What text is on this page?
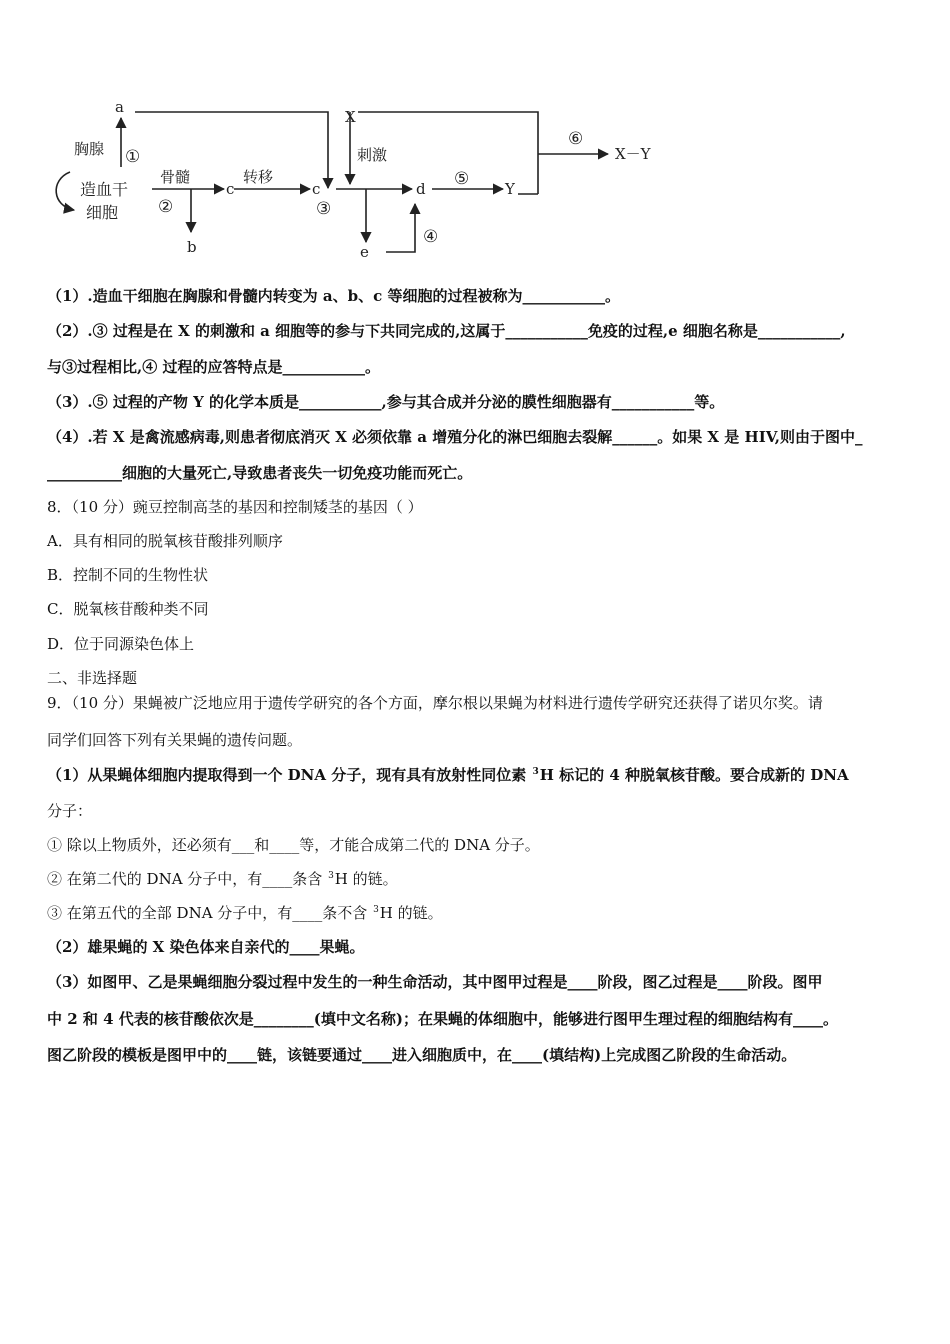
a
胸腺 ①
造血干
细胞
骨髓
②
b
c
转移
c
③
X
刺激
d
e
④
⑤ Y
⑥
X－Y
（1）.造血干细胞在胸腺和骨髓内转变为 a、b、c 等细胞的过程被称为___________。
（2）.③ 过程是在 X 的刺激和 a 细胞等的参与下共同完成的,这属于___________免疫的过程,e 细胞名称是___________,
与③过程相比,④ 过程的应答特点是___________。
（3）.⑤ 过程的产物 Y 的化学本质是___________,参与其合成并分泌的膜性细胞器有___________等。
（4）.若 X 是禽流感病毒,则患者彻底消灭 X 必须依靠 a 增殖分化的淋巴细胞去裂解______。如果 X 是 HIV,则由于图中_
__________细胞的大量死亡,导致患者丧失一切免疫功能而死亡。
8．（10 分）豌豆控制高茎的基因和控制矮茎的基因（ ）
A．具有相同的脱氧核苷酸排列顺序
B．控制不同的生物性状
C．脱氧核苷酸种类不同
D．位于同源染色体上
二、非选择题
9．（10 分）果蝇被广泛地应用于遗传学研究的各个方面，摩尔根以果蝇为材料进行遗传学研究还获得了诺贝尔奖。请
同学们回答下列有关果蝇的遗传问题。
（1）从果蝇体细胞内提取得到一个 DNA 分子，现有具有放射性同位素 $^3$H 标记的 4 种脱氧核苷酸。要合成新的 DNA
分子：
① 除以上物质外，还必须有___和____等，才能合成第二代的 DNA 分子。
② 在第二代的 DNA 分子中，有____条含 $^3$H 的链。
③ 在第五代的全部 DNA 分子中，有____条不含 $^3$H 的链。
（2）雄果蝇的 X 染色体来自亲代的____果蝇。
（3）如图甲、乙是果蝇细胞分裂过程中发生的一种生命活动，其中图甲过程是____阶段，图乙过程是____阶段。图甲
中 2 和 4 代表的核苷酸依次是________(填中文名称)；在果蝇的体细胞中，能够进行图甲生理过程的细胞结构有____。
图乙阶段的模板是图甲中的____链，该链要通过____进入细胞质中，在____(填结构)上完成图乙阶段的生命活动。
